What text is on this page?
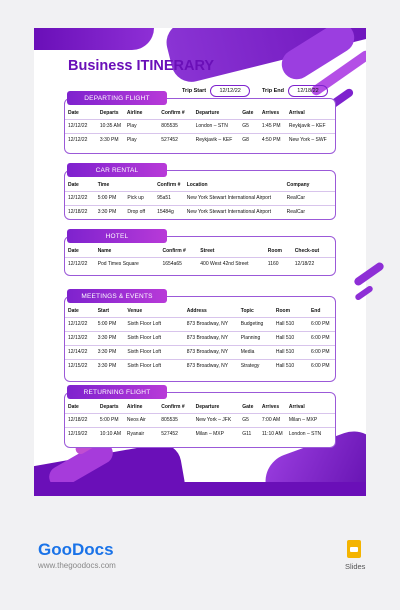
Business ITINERARY
Trip Start	12/12/22	Trip End	12/18/22
DEPARTING FLIGHT
Date	Departs	Airline	Confirm #	Departure	Gate	Arrives	Arrival
12/12/22	10:35 AM	Play	805535	London – STN	G5	1:45 PM	Reykjavik – KEF
12/12/22	3:30 PM	Play	527452	Reykjavik – KEF	G8	4:50 PM	New York – SWF
CAR RENTAL
Date	Time		Confirm #	Location	Company
12/12/22	5:00 PM	Pick up	95a51	New York Stewart International Airport	RealCar
12/18/22	3:30 PM	Drop off	15484g	New York Stewart International Airport	RealCar
HOTEL
Date	Name	Confirm #	Street	Room	Check-out
12/12/22	Pod Times Square	1654a65	400 West 42nd Street	1160	12/18/22
MEETINGS & EVENTS
Date	Start	Venue	Address	Topic	Room	End
12/12/22	5:00 PM	Sixth Floor Loft	873 Broadway, NY	Budgeting	Hall 510	6:00 PM
12/13/22	3:30 PM	Sixth Floor Loft	873 Broadway, NY	Planning	Hall 510	6:00 PM
12/14/22	3:30 PM	Sixth Floor Loft	873 Broadway, NY	Media	Hall 510	6:00 PM
12/15/22	3:30 PM	Sixth Floor Loft	873 Broadway, NY	Strategy	Hall 510	6:00 PM
RETURNING FLIGHT
Date	Departs	Airline	Confirm #	Departure	Gate	Arrives	Arrival
12/18/22	5:00 PM	Neos Air	805535	New York – JFK	G5	7:00 AM	Milan – MXP
12/19/22	10:10 AM	Ryanair	527452	Milan – MXP	G11	11:10 AM	London – STN
GooDocs
www.thegoodocs.com	Slides
